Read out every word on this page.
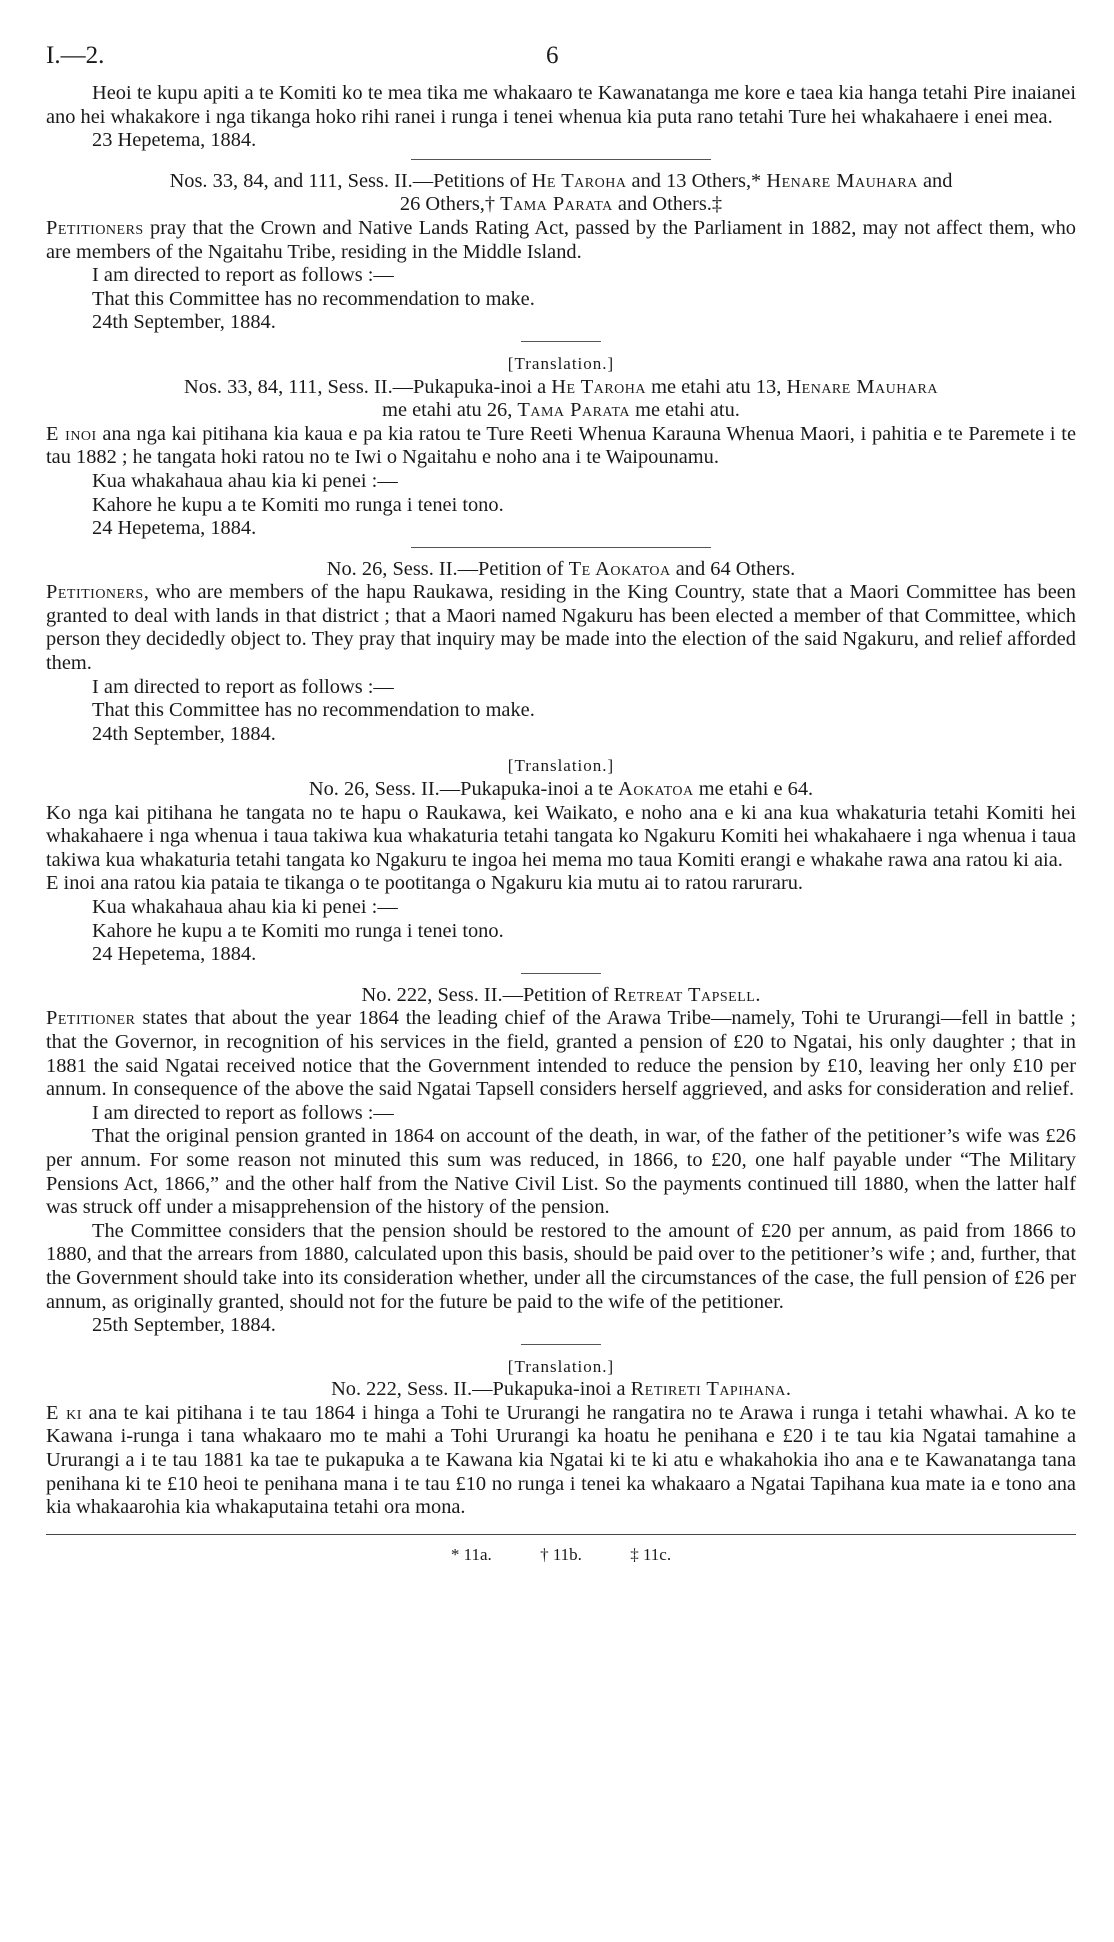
I.—2.	6

Heoi te kupu apiti a te Komiti ko te mea tika me whakaaro te Kawanatanga me kore e taea kia hanga tetahi Pire inaianei ano hei whakakore i nga tikanga hoko rihi ranei i runga i tenei whenua kia puta rano tetahi Ture hei whakahaere i enei mea.

23 Hepetema, 1884.

Nos. 33, 84, and 111, Sess. II.—Petitions of He Taroha and 13 Others,* Henare Mauhara and

26 Others,† Tama Parata and Others.‡

Petitioners pray that the Crown and Native Lands Rating Act, passed by the Parliament in 1882, may not affect them, who are members of the Ngaitahu Tribe, residing in the Middle Island.

I am directed to report as follows :—

That this Committee has no recommendation to make.

24th September, 1884.

[Translation.]

Nos. 33, 84, 111, Sess. II.—Pukapuka-inoi a He Taroha me etahi atu 13, Henare Mauhara

me etahi atu 26, Tama Parata me etahi atu.

E inoi ana nga kai pitihana kia kaua e pa kia ratou te Ture Reeti Whenua Karauna Whenua Maori, i pahitia e te Paremete i te tau 1882 ; he tangata hoki ratou no te Iwi o Ngaitahu e noho ana i te Waipounamu.

Kua whakahaua ahau kia ki penei :—

Kahore he kupu a te Komiti mo runga i tenei tono.

24 Hepetema, 1884.

No. 26, Sess. II.—Petition of Te Aokatoa and 64 Others.

Petitioners, who are members of the hapu Raukawa, residing in the King Country, state that a Maori Committee has been granted to deal with lands in that district ; that a Maori named Ngakuru has been elected a member of that Committee, which person they decidedly object to. They pray that inquiry may be made into the election of the said Ngakuru, and relief afforded them.

I am directed to report as follows :—

That this Committee has no recommendation to make.

24th September, 1884.

[Translation.]

No. 26, Sess. II.—Pukapuka-inoi a te Aokatoa me etahi e 64.

Ko nga kai pitihana he tangata no te hapu o Raukawa, kei Waikato, e noho ana e ki ana kua whakaturia tetahi Komiti hei whakahaere i nga whenua i taua takiwa kua whakaturia tetahi tangata ko Ngakuru Komiti hei whakahaere i nga whenua i taua takiwa kua whakaturia tetahi tangata ko Ngakuru te ingoa hei mema mo taua Komiti erangi e whakahe rawa ana ratou ki aia.

E inoi ana ratou kia pataia te tikanga o te pootitanga o Ngakuru kia mutu ai to ratou raruraru.

Kua whakahaua ahau kia ki penei :—

Kahore he kupu a te Komiti mo runga i tenei tono.

24 Hepetema, 1884.

No. 222, Sess. II.—Petition of Retreat Tapsell.

Petitioner states that about the year 1864 the leading chief of the Arawa Tribe—namely, Tohi te Ururangi—fell in battle ; that the Governor, in recognition of his services in the field, granted a pension of £20 to Ngatai, his only daughter ; that in 1881 the said Ngatai received notice that the Government intended to reduce the pension by £10, leaving her only £10 per annum. In consequence of the above the said Ngatai Tapsell considers herself aggrieved, and asks for consideration and relief.

I am directed to report as follows :—

That the original pension granted in 1864 on account of the death, in war, of the father of the petitioner’s wife was £26 per annum. For some reason not minuted this sum was reduced, in 1866, to £20, one half payable under “The Military Pensions Act, 1866,” and the other half from the Native Civil List. So the payments continued till 1880, when the latter half was struck off under a misapprehension of the history of the pension.

The Committee considers that the pension should be restored to the amount of £20 per annum, as paid from 1866 to 1880, and that the arrears from 1880, calculated upon this basis, should be paid over to the petitioner’s wife ; and, further, that the Government should take into its consideration whether, under all the circumstances of the case, the full pension of £26 per annum, as originally granted, should not for the future be paid to the wife of the petitioner.

25th September, 1884.

[Translation.]

No. 222, Sess. II.—Pukapuka-inoi a Retireti Tapihana.

E ki ana te kai pitihana i te tau 1864 i hinga a Tohi te Ururangi he rangatira no te Arawa i runga i tetahi whawhai. A ko te Kawana i-runga i tana whakaaro mo te mahi a Tohi Ururangi ka hoatu he penihana e £20 i te tau kia Ngatai tamahine a Ururangi a i te tau 1881 ka tae te pukapuka a te Kawana kia Ngatai ki te ki atu e whakahokia iho ana e te Kawanatanga tana penihana ki te £10 heoi te penihana mana i te tau £10 no runga i tenei ka whakaaro a Ngatai Tapihana kua mate ia e tono ana kia whakaarohia kia whakaputaina tetahi ora mona.

* 11a.	† 11b.	‡ 11c.
